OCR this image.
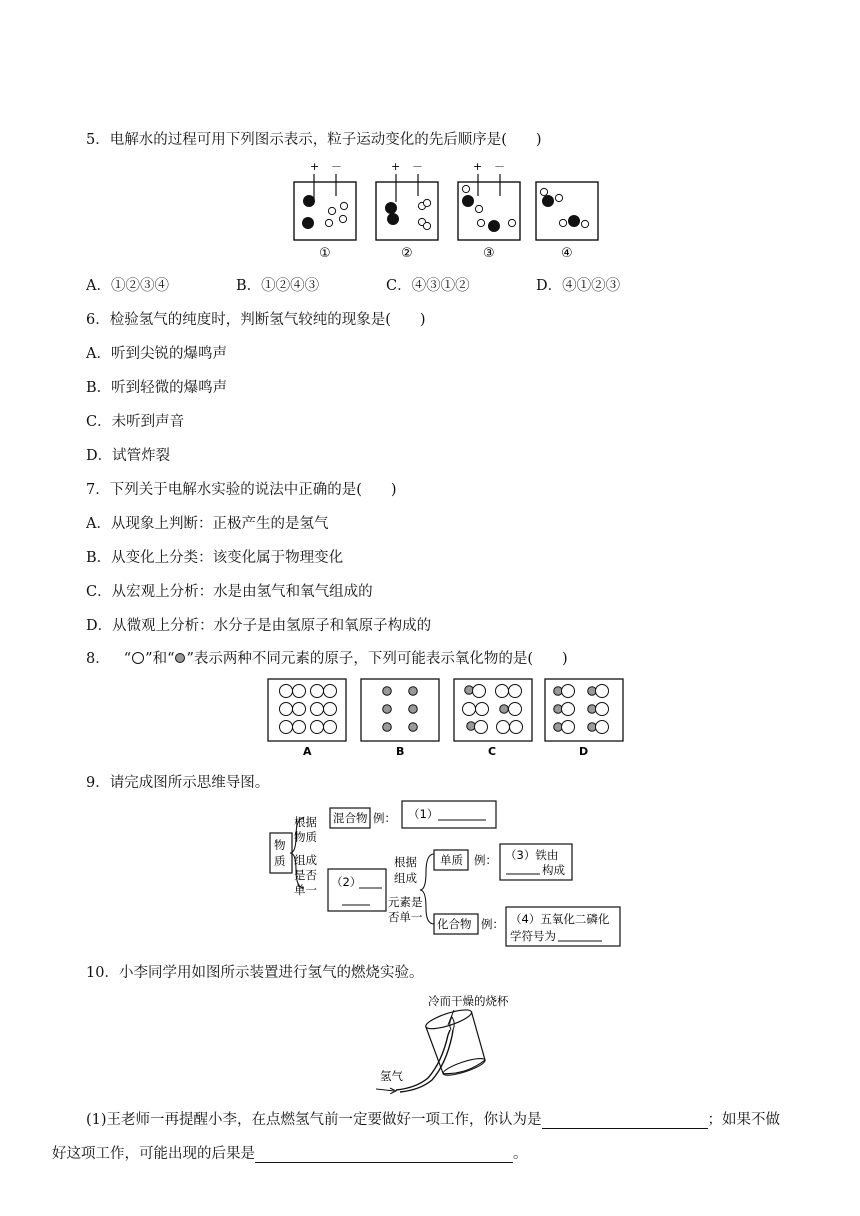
5．电解水的过程可用下列图示表示，粒子运动变化的先后顺序是(　　)
+ －
①
+ －
②
+ －
③	④
A．①②③④	B．①②④③	C．④③①②	D．④①②③
6．检验氢气的纯度时，判断氢气较纯的现象是(　　)
A．听到尖锐的爆鸣声
B．听到轻微的爆鸣声
C．未听到声音
D．试管炸裂
7．下列关于电解水实验的说法中正确的是(　　)
A．从现象上判断：正极产生的是氢气
B．从变化上分类：该变化属于物理变化
C．从宏观上分析：水是由氢气和氧气组成的
D．从微观上分析：水分子是由氢原子和氧原子构成的
8． “ ”和“ ”表示两种不同元素的原子，下列可能表示氧化物的是(　　)
A	B	C	D
9．请完成图所示思维导图。
物
质
根据
物质
组成
是否
单一
混合物 例： （1）
（2）
根据
组成
元素是
否单一
单质 例： （3）铁由
构成
化合物 例： （4）五氧化二磷化
学符号为
10．小李同学用如图所示装置进行氢气的燃烧实验。
冷而干燥的烧杯
氢气
(1)王老师一再提醒小李，在点燃氢气前一定要做好一项工作，你认为是	；如果不做
好这项工作，可能出现的后果是	。
